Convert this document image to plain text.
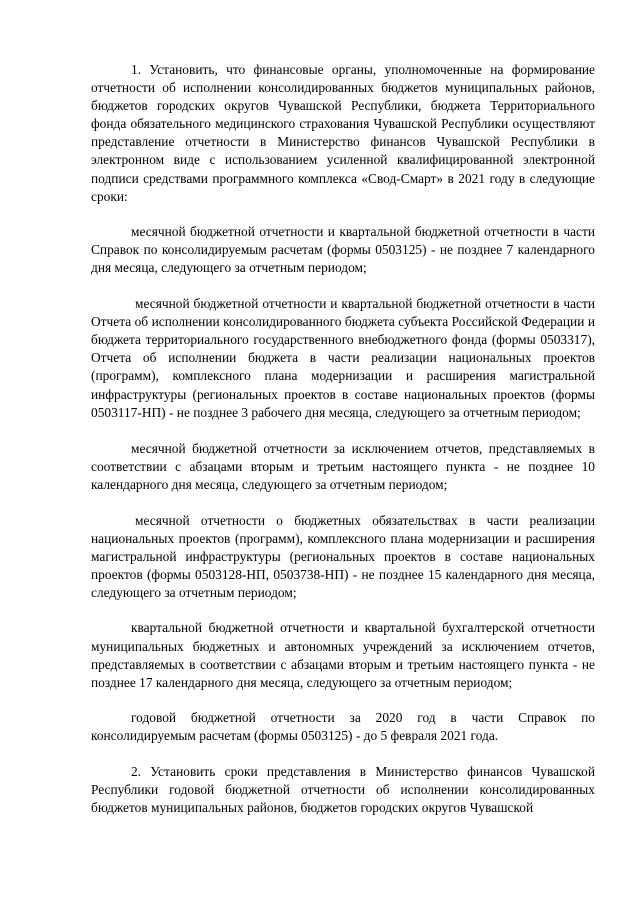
1. Установить, что финансовые органы, уполномоченные на формирование отчетности об исполнении консолидированных бюджетов муниципальных районов, бюджетов городских округов Чувашской Республики, бюджета Территориального фонда обязательного медицинского страхования Чувашской Республики осуществляют представление отчетности в Министерство финансов Чувашской Республики в электронном виде с использованием усиленной квалифицированной электронной подписи средствами программного комплекса «Свод-Смарт» в 2021 году в следующие сроки:

месячной бюджетной отчетности и квартальной бюджетной отчетности в части Справок по консолидируемым расчетам (формы 0503125) - не позднее 7 календарного дня месяца, следующего за отчетным периодом;

месячной бюджетной отчетности и квартальной бюджетной отчетности в части Отчета об исполнении консолидированного бюджета субъекта Российской Федерации и бюджета территориального государственного внебюджетного фонда (формы 0503317), Отчета об исполнении бюджета в части реализации национальных проектов (программ), комплексного плана модернизации и расширения магистральной инфраструктуры (региональных проектов в составе национальных проектов (формы 0503117-НП) - не позднее 3 рабочего дня месяца, следующего за отчетным периодом;

месячной бюджетной отчетности за исключением отчетов, представляемых в соответствии с абзацами вторым и третьим настоящего пункта - не позднее 10 календарного дня месяца, следующего за отчетным периодом;

месячной отчетности о бюджетных обязательствах в части реализации национальных проектов (программ), комплексного плана модернизации и расширения магистральной инфраструктуры (региональных проектов в составе национальных проектов (формы 0503128-НП, 0503738-НП) - не позднее 15 календарного дня месяца, следующего за отчетным периодом;

квартальной бюджетной отчетности и квартальной бухгалтерской отчетности муниципальных бюджетных и автономных учреждений за исключением отчетов, представляемых в соответствии с абзацами вторым и третьим настоящего пункта - не позднее 17 календарного дня месяца, следующего за отчетным периодом;

годовой бюджетной отчетности за 2020 год в части Справок по консолидируемым расчетам (формы 0503125) - до 5 февраля 2021 года.

2. Установить сроки представления в Министерство финансов Чувашской Республики годовой бюджетной отчетности об исполнении консолидированных бюджетов муниципальных районов, бюджетов городских округов Чувашской
